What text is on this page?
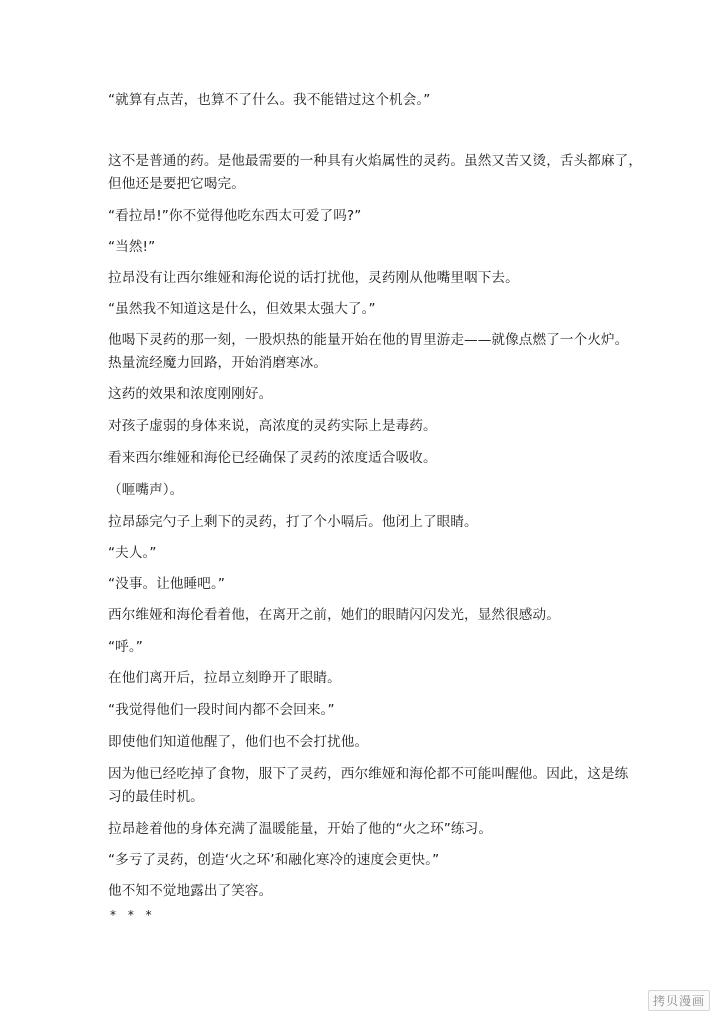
“就算有点苦，也算不了什么。我不能错过这个机会。”
这不是普通的药。是他最需要的一种具有火焰属性的灵药。虽然又苦又烫，舌头都麻了，
但他还是要把它喝完。
“看拉昂!”你不觉得他吃东西太可爱了吗?”
“当然!”
拉昂没有让西尔维娅和海伦说的话打扰他，灵药刚从他嘴里咽下去。
“虽然我不知道这是什么，但效果太强大了。”
他喝下灵药的那一刻，一股炽热的能量开始在他的胃里游走——就像点燃了一个火炉。
热量流经魔力回路，开始消磨寒冰。
这药的效果和浓度刚刚好。
对孩子虚弱的身体来说，高浓度的灵药实际上是毒药。
看来西尔维娅和海伦已经确保了灵药的浓度适合吸收。
（咂嘴声）。
拉昂舔完勺子上剩下的灵药，打了个小嗝后。他闭上了眼睛。
“夫人。”
“没事。让他睡吧。”
西尔维娅和海伦看着他，在离开之前，她们的眼睛闪闪发光，显然很感动。
“呼。”
在他们离开后，拉昂立刻睁开了眼睛。
“我觉得他们一段时间内都不会回来。”
即使他们知道他醒了，他们也不会打扰他。
因为他已经吃掉了食物，服下了灵药，西尔维娅和海伦都不可能叫醒他。因此，这是练
习的最佳时机。
拉昂趁着他的身体充满了温暖能量，开始了他的“火之环”练习。
“多亏了灵药，创造‘火之环’和融化寒冷的速度会更快。”
他不知不觉地露出了笑容。
* * *
拷贝漫画
